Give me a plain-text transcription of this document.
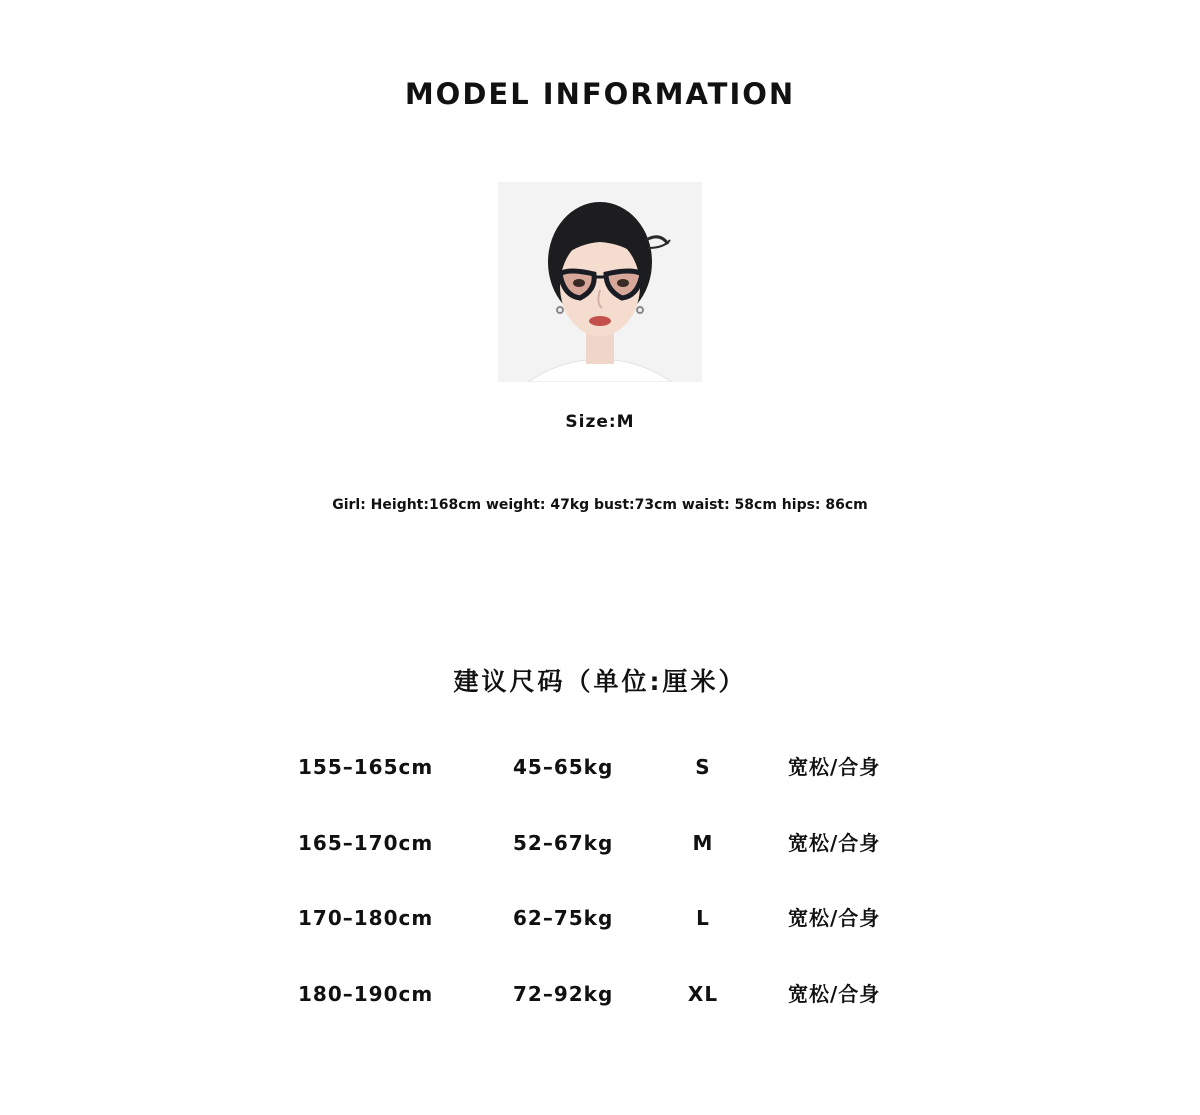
MODEL INFORMATION
Size:M
Girl: Height:168cm weight: 47kg bust:73cm waist: 58cm hips: 86cm
建议尺码（单位:厘米）
155–165cm	45–65kg	S	宽松/合身
165–170cm	52–67kg	M	宽松/合身
170–180cm	62–75kg	L	宽松/合身
180–190cm	72–92kg	XL	宽松/合身
